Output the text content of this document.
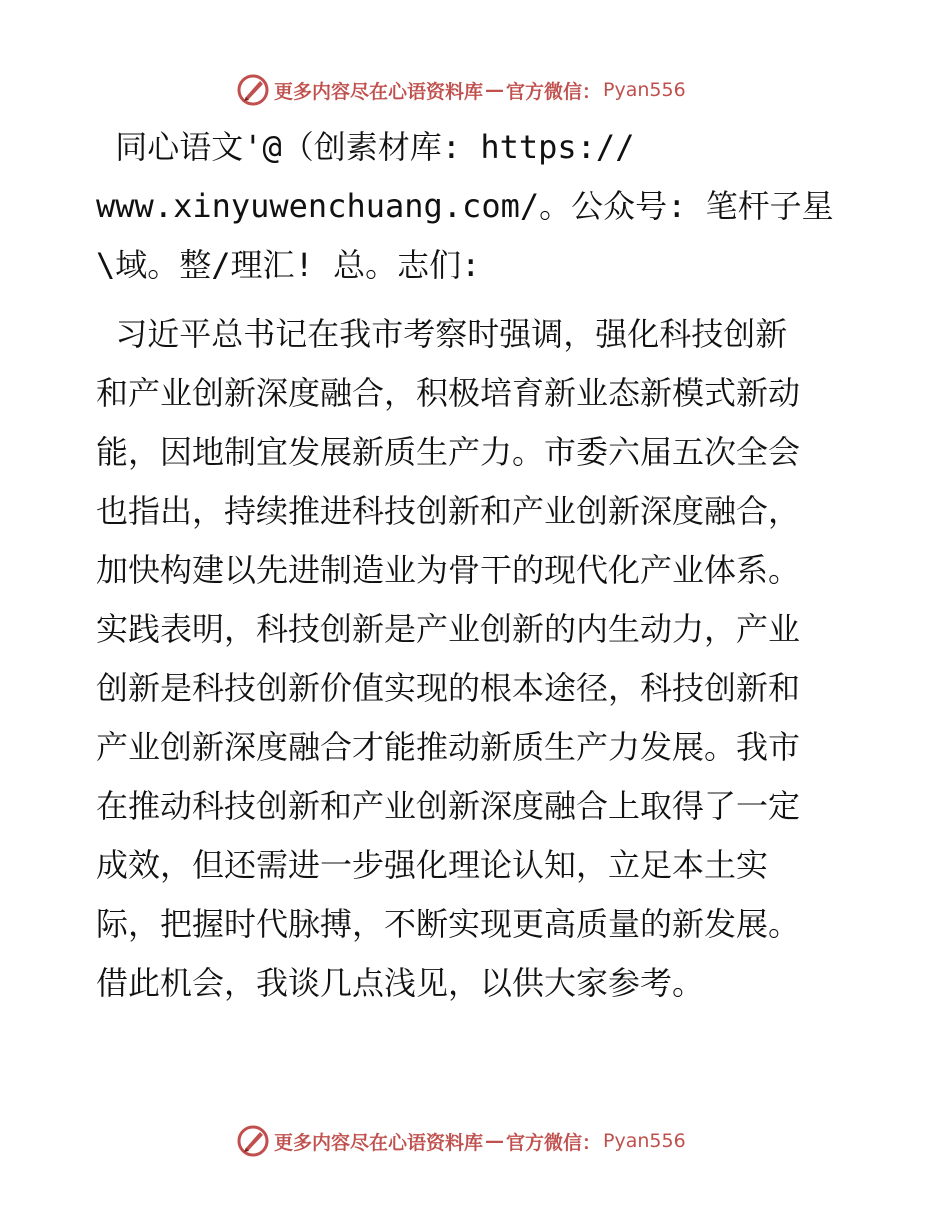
更多内容尽在心语资料库 — 官方微信： Pyan556
同心语文'@（创素材库: https://
www.xinyuwenchuang.com/。公众号: 笔杆子星
\域。整/理汇! 总。志们:
习近平总书记在我市考察时强调，强化科技创新
和产业创新深度融合，积极培育新业态新模式新动
能，因地制宜发展新质生产力。市委六届五次全会
也指出，持续推进科技创新和产业创新深度融合，
加快构建以先进制造业为骨干的现代化产业体系。
实践表明，科技创新是产业创新的内生动力，产业
创新是科技创新价值实现的根本途径，科技创新和
产业创新深度融合才能推动新质生产力发展。我市
在推动科技创新和产业创新深度融合上取得了一定
成效，但还需进一步强化理论认知，立足本土实
际，把握时代脉搏，不断实现更高质量的新发展。
借此机会，我谈几点浅见，以供大家参考。
更多内容尽在心语资料库 — 官方微信： Pyan556
